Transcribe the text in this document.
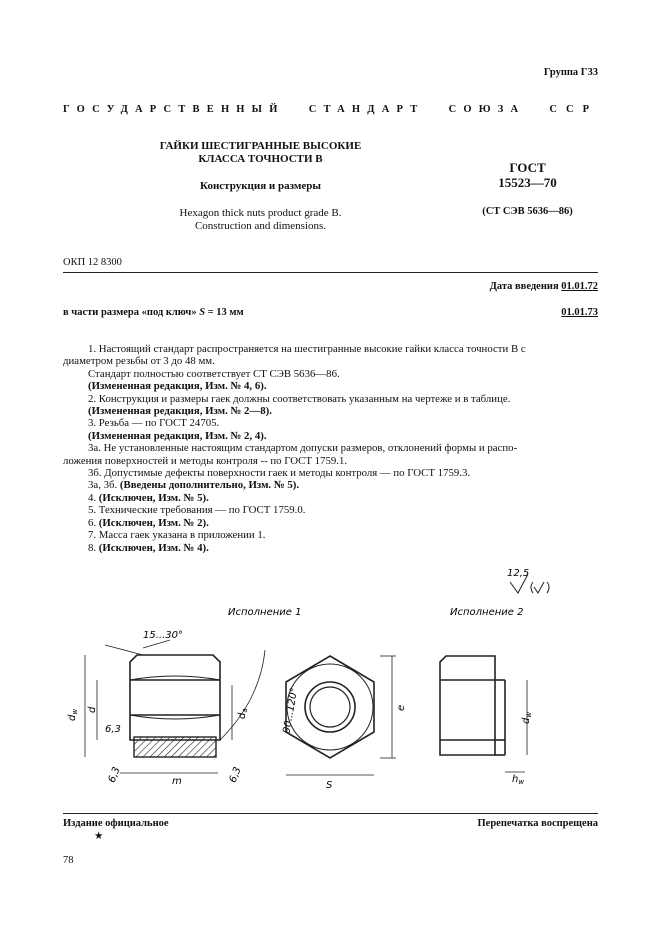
Группа Г33
ГОСУДАРСТВЕННЫЙ СТАНДАРТ СОЮЗА ССР
ГАЙКИ ШЕСТИГРАННЫЕ ВЫСОКИЕ
КЛАССА ТОЧНОСТИ В
Конструкция и размеры
Hexagon thick nuts product grade B.
Construction and dimensions.
ГОСТ
15523—70
(СТ СЭВ 5636—86)
ОКП 12 8300
Дата введения 01.01.72
в части размера «под ключ» S = 13 мм	01.01.73

1. Настоящий стандарт распространяется на шестигранные высокие гайки класса точности В с

диаметром резьбы от 3 до 48 мм.

Стандарт полностью соответствует СТ СЭВ 5636—86.

(Измененная редакция, Изм. № 4, 6).

2. Конструкция и размеры гаек должны соответствовать указанным на чертеже и в таблице.

(Измененная редакция, Изм. № 2—8).

3. Резьба — по ГОСТ 24705.

(Измененная редакция, Изм. № 2, 4).

3а. Не установленные настоящим стандартом допуски размеров, отклонений формы и распо-

ложения поверхностей и методы контроля -- по ГОСТ 1759.1.

3б. Допустимые дефекты поверхности гаек и методы контроля — по ГОСТ 1759.3.

3а, 3б. (Введены дополнительно, Изм. № 5).

4. (Исключен, Изм. № 5).

5. Технические требования — по ГОСТ 1759.0.

6. (Исключен, Изм. № 2).

7. Масса гаек указана в приложении 1.

8. (Исключен, Изм. № 4).

12,5
Исполнение 1	Исполнение 2
15...30°
$d_w$ d
6,3
6,3	6,3
$d_a$	90...120°
m	S
e
$d_w$
$h_w$
Издание официальное
★
Перепечатка воспрещена
78
